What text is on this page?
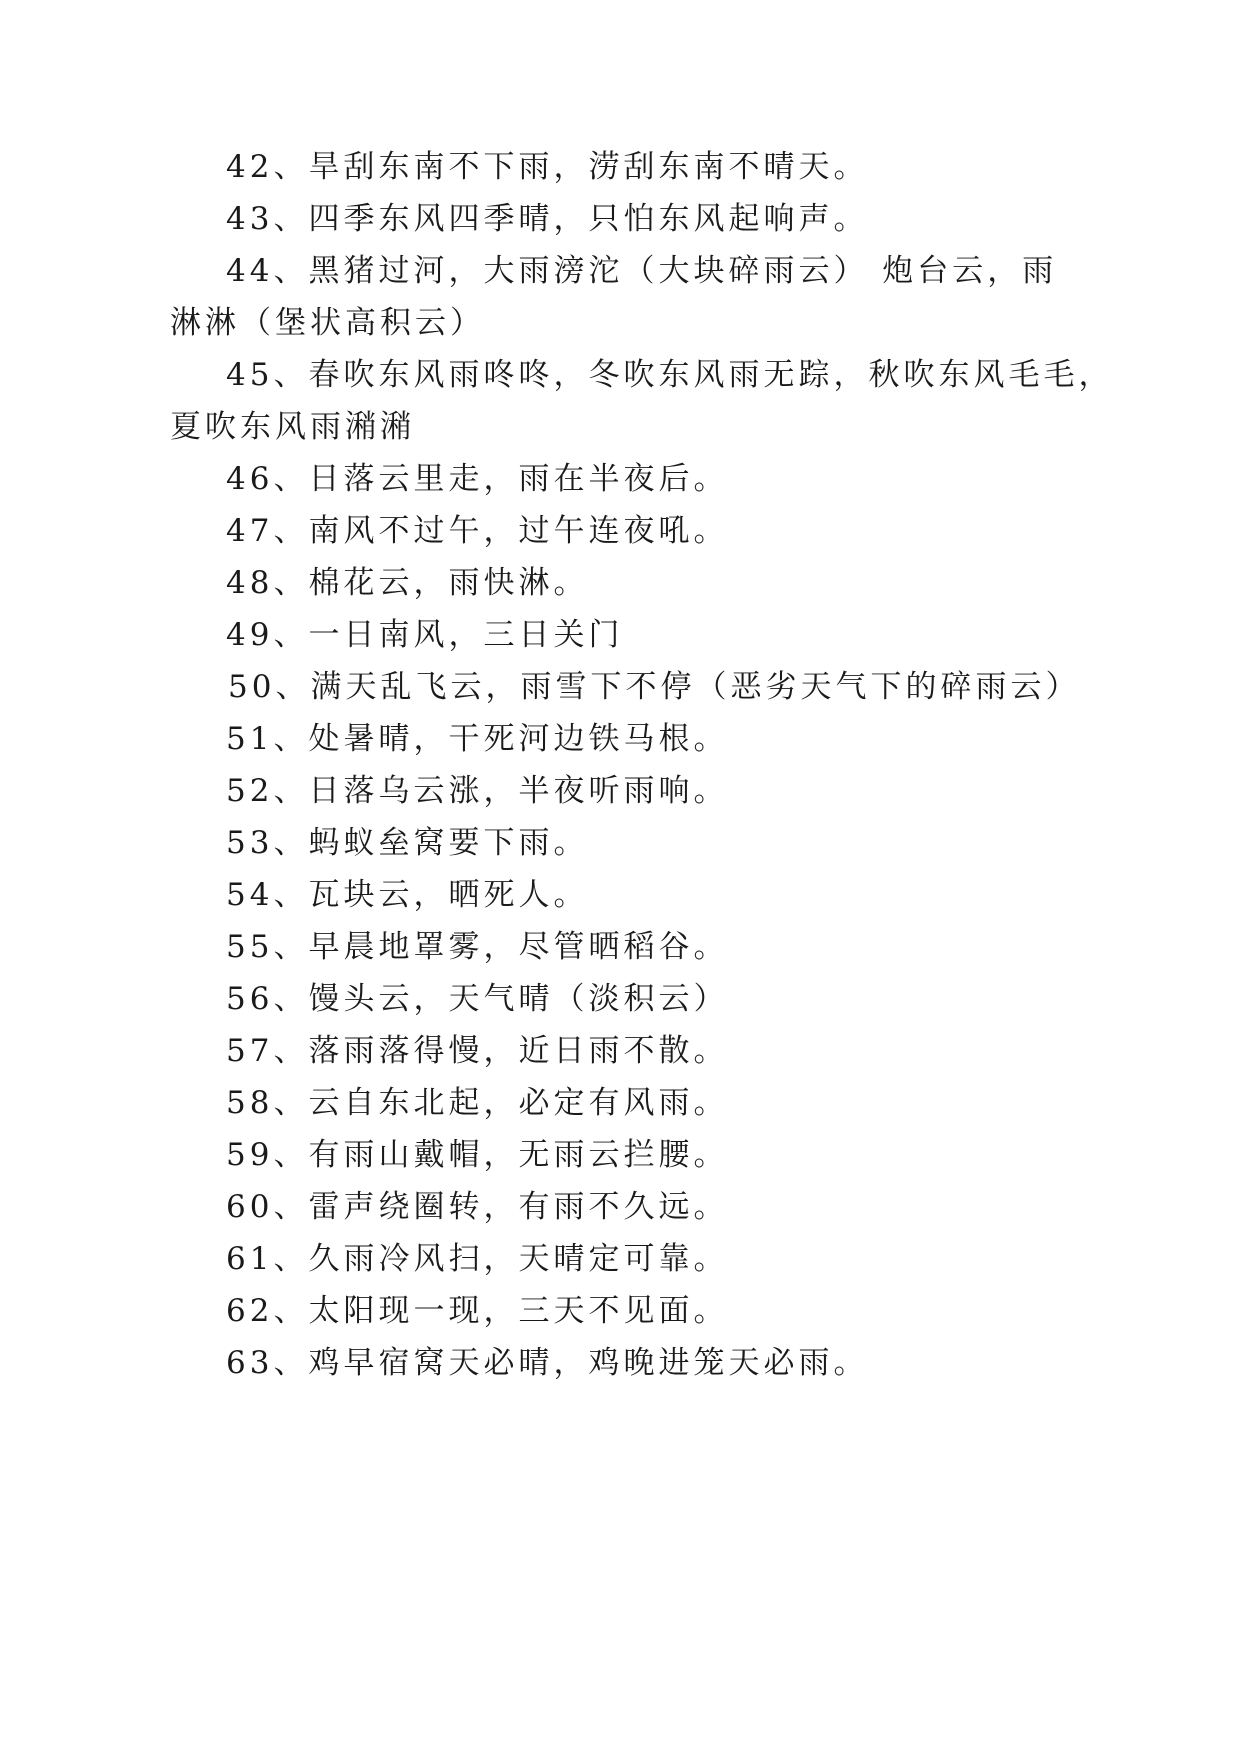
42、旱刮东南不下雨，涝刮东南不晴天。
43、四季东风四季晴，只怕东风起响声。
44、黑猪过河，大雨滂沱（大块碎雨云） 炮台云，雨
淋淋（堡状高积云）
45、春吹东风雨咚咚，冬吹东风雨无踪，秋吹东风毛毛，
夏吹东风雨潲潲
46、日落云里走，雨在半夜后。
47、南风不过午，过午连夜吼。
48、棉花云，雨快淋。
49、一日南风，三日关门
50、满天乱飞云，雨雪下不停（恶劣天气下的碎雨云）
51、处暑晴，干死河边铁马根。
52、日落乌云涨，半夜听雨响。
53、蚂蚁垒窝要下雨。
54、瓦块云，晒死人。
55、早晨地罩雾，尽管晒稻谷。
56、馒头云，天气晴（淡积云）
57、落雨落得慢，近日雨不散。
58、云自东北起，必定有风雨。
59、有雨山戴帽，无雨云拦腰。
60、雷声绕圈转，有雨不久远。
61、久雨冷风扫，天晴定可靠。
62、太阳现一现，三天不见面。
63、鸡早宿窝天必晴，鸡晚进笼天必雨。
